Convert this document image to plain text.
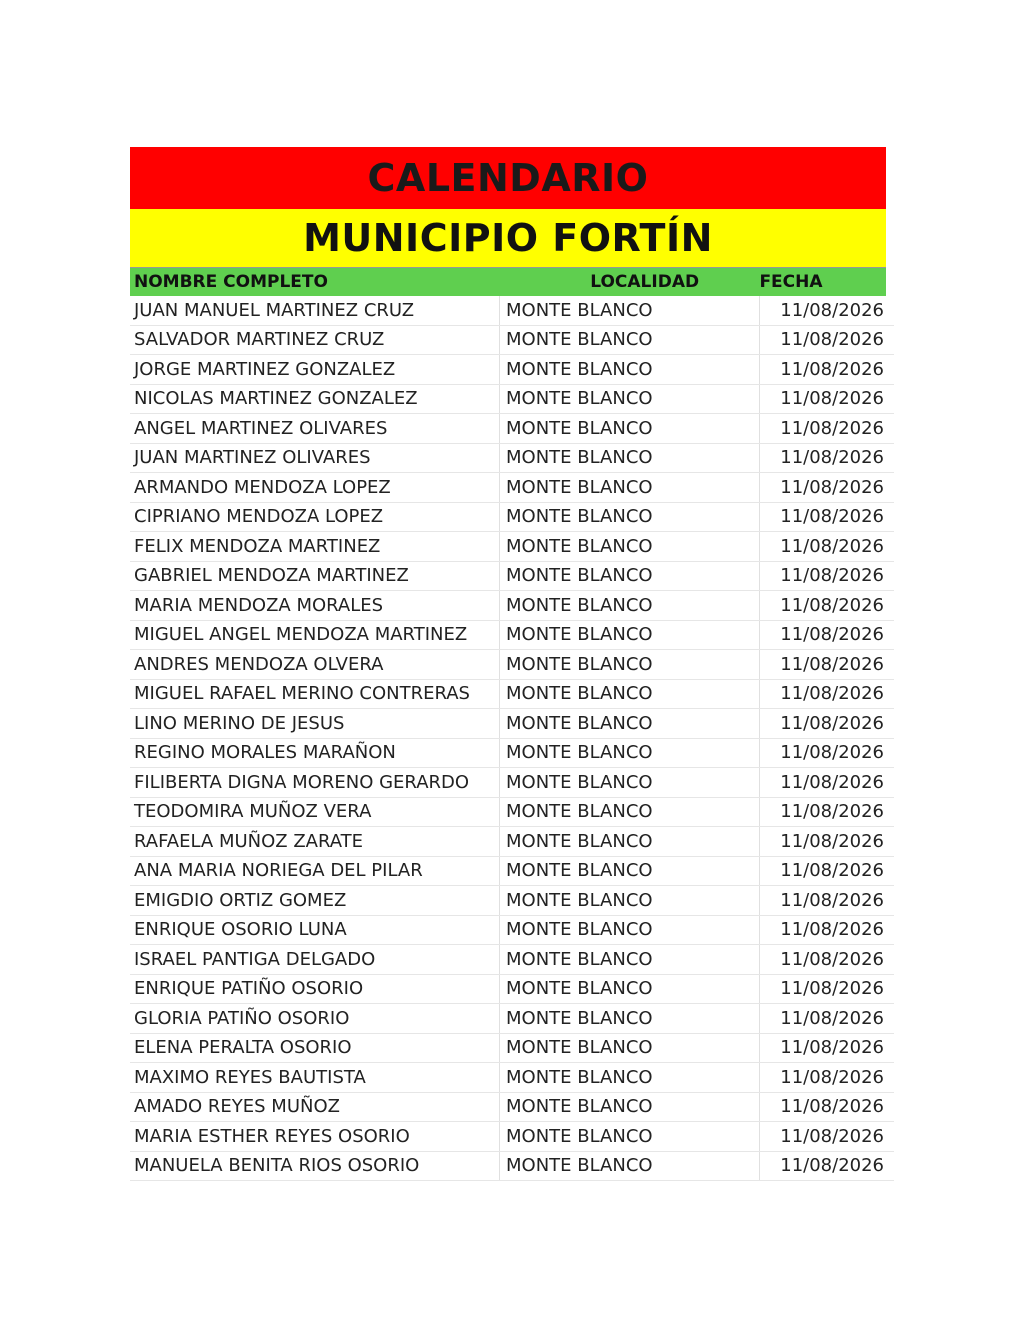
CALENDARIO
MUNICIPIO FORTÍN
NOMBRE COMPLETO	LOCALIDAD	FECHA
JUAN MANUEL MARTINEZ CRUZ	MONTE BLANCO	11/08/2026
SALVADOR MARTINEZ CRUZ	MONTE BLANCO	11/08/2026
JORGE MARTINEZ GONZALEZ	MONTE BLANCO	11/08/2026
NICOLAS MARTINEZ GONZALEZ	MONTE BLANCO	11/08/2026
ANGEL MARTINEZ OLIVARES	MONTE BLANCO	11/08/2026
JUAN MARTINEZ OLIVARES	MONTE BLANCO	11/08/2026
ARMANDO MENDOZA LOPEZ	MONTE BLANCO	11/08/2026
CIPRIANO MENDOZA LOPEZ	MONTE BLANCO	11/08/2026
FELIX MENDOZA MARTINEZ	MONTE BLANCO	11/08/2026
GABRIEL MENDOZA MARTINEZ	MONTE BLANCO	11/08/2026
MARIA MENDOZA MORALES	MONTE BLANCO	11/08/2026
MIGUEL ANGEL MENDOZA MARTINEZ	MONTE BLANCO	11/08/2026
ANDRES MENDOZA OLVERA	MONTE BLANCO	11/08/2026
MIGUEL RAFAEL MERINO CONTRERAS	MONTE BLANCO	11/08/2026
LINO MERINO DE JESUS	MONTE BLANCO	11/08/2026
REGINO MORALES MARAÑON	MONTE BLANCO	11/08/2026
FILIBERTA DIGNA MORENO GERARDO	MONTE BLANCO	11/08/2026
TEODOMIRA MUÑOZ VERA	MONTE BLANCO	11/08/2026
RAFAELA MUÑOZ ZARATE	MONTE BLANCO	11/08/2026
ANA MARIA NORIEGA DEL PILAR	MONTE BLANCO	11/08/2026
EMIGDIO ORTIZ GOMEZ	MONTE BLANCO	11/08/2026
ENRIQUE OSORIO LUNA	MONTE BLANCO	11/08/2026
ISRAEL PANTIGA DELGADO	MONTE BLANCO	11/08/2026
ENRIQUE PATIÑO OSORIO	MONTE BLANCO	11/08/2026
GLORIA PATIÑO OSORIO	MONTE BLANCO	11/08/2026
ELENA PERALTA OSORIO	MONTE BLANCO	11/08/2026
MAXIMO REYES BAUTISTA	MONTE BLANCO	11/08/2026
AMADO REYES MUÑOZ	MONTE BLANCO	11/08/2026
MARIA ESTHER REYES OSORIO	MONTE BLANCO	11/08/2026
MANUELA BENITA RIOS OSORIO	MONTE BLANCO	11/08/2026
